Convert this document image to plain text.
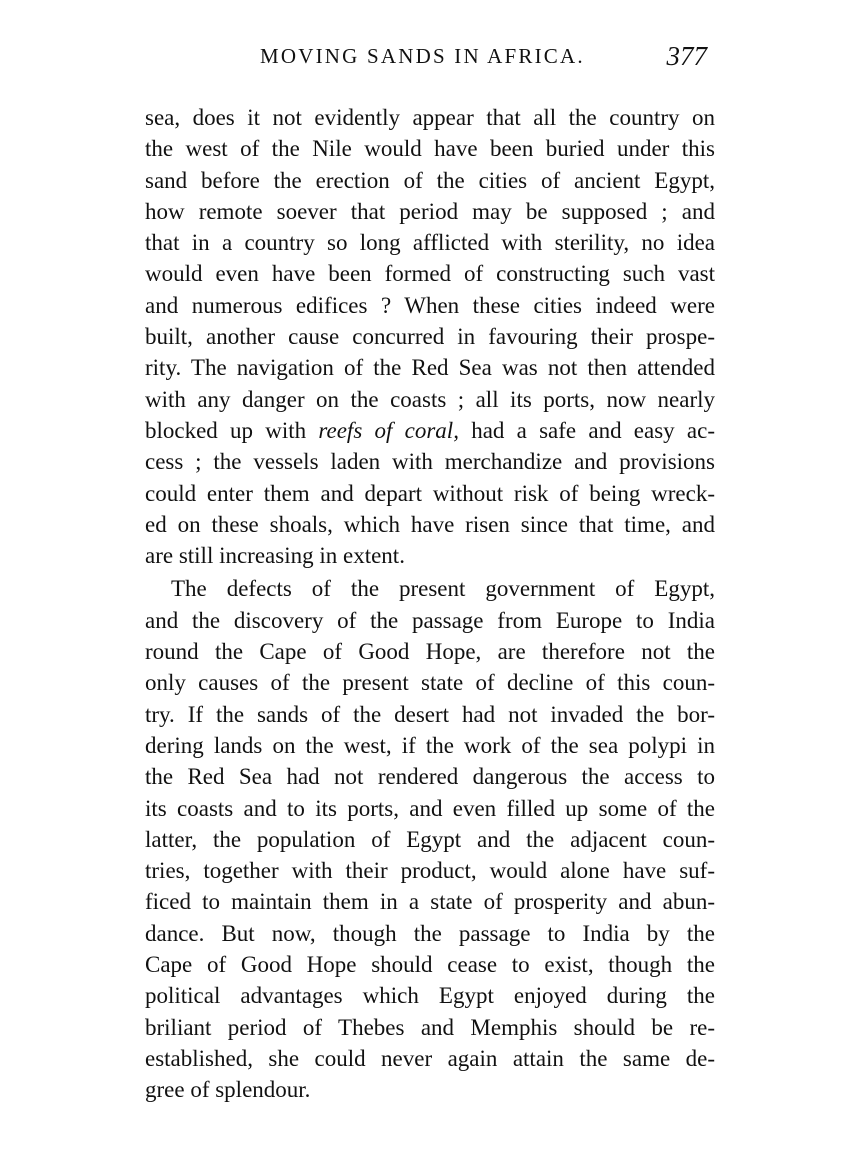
MOVING SANDS IN AFRICA.	377
sea, does it not evidently appear that all the country on
the west of the Nile would have been buried under this
sand before the erection of the cities of ancient Egypt,
how remote soever that period may be supposed ; and
that in a country so long afflicted with sterility, no idea
would even have been formed of constructing such vast
and numerous edifices ? When these cities indeed were
built, another cause concurred in favouring their prospe-
rity. The navigation of the Red Sea was not then attended
with any danger on the coasts ; all its ports, now nearly
blocked up with reefs of coral, had a safe and easy ac-
cess ; the vessels laden with merchandize and provisions
could enter them and depart without risk of being wreck-
ed on these shoals, which have risen since that time, and
are still increasing in extent.
The defects of the present government of Egypt,
and the discovery of the passage from Europe to India
round the Cape of Good Hope, are therefore not the
only causes of the present state of decline of this coun-
try. If the sands of the desert had not invaded the bor-
dering lands on the west, if the work of the sea polypi in
the Red Sea had not rendered dangerous the access to
its coasts and to its ports, and even filled up some of the
latter, the population of Egypt and the adjacent coun-
tries, together with their product, would alone have suf-
ficed to maintain them in a state of prosperity and abun-
dance. But now, though the passage to India by the
Cape of Good Hope should cease to exist, though the
political advantages which Egypt enjoyed during the
briliant period of Thebes and Memphis should be re-
established, she could never again attain the same de-
gree of splendour.
